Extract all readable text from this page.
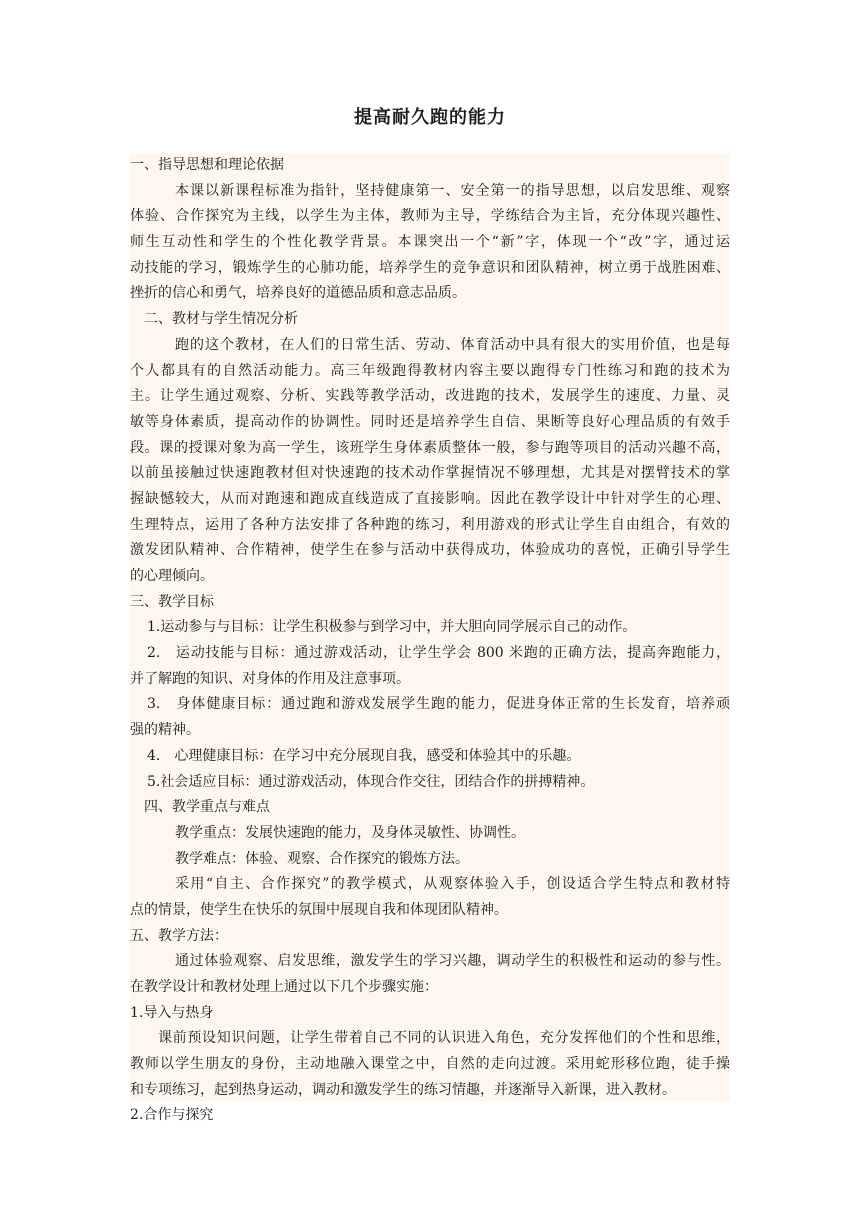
提高耐久跑的能力
一、指导思想和理论依据
本课以新课程标准为指针，坚持健康第一、安全第一的指导思想，以启发思维、观察
体验、合作探究为主线，以学生为主体，教师为主导，学练结合为主旨，充分体现兴趣性、
师生互动性和学生的个性化教学背景。本课突出一个“新”字，体现一个“改”字，通过运
动技能的学习，锻炼学生的心肺功能，培养学生的竞争意识和团队精神，树立勇于战胜困难、
挫折的信心和勇气，培养良好的道德品质和意志品质。
二、教材与学生情况分析
跑的这个教材，在人们的日常生活、劳动、体育活动中具有很大的实用价值，也是每
个人都具有的自然活动能力。高三年级跑得教材内容主要以跑得专门性练习和跑的技术为
主。让学生通过观察、分析、实践等教学活动，改进跑的技术，发展学生的速度、力量、灵
敏等身体素质，提高动作的协调性。同时还是培养学生自信、果断等良好心理品质的有效手
段。课的授课对象为高一学生，该班学生身体素质整体一般，参与跑等项目的活动兴趣不高，
以前虽接触过快速跑教材但对快速跑的技术动作掌握情况不够理想，尤其是对摆臂技术的掌
握缺憾较大，从而对跑速和跑成直线造成了直接影响。因此在教学设计中针对学生的心理、
生理特点，运用了各种方法安排了各种跑的练习，利用游戏的形式让学生自由组合，有效的
激发团队精神、合作精神，使学生在参与活动中获得成功，体验成功的喜悦，正确引导学生
的心理倾向。
三、教学目标
1.运动参与与目标：让学生积极参与到学习中，并大胆向同学展示自己的动作。
2.　运动技能与目标：通过游戏活动，让学生学会 800 米跑的正确方法，提高奔跑能力，
并了解跑的知识、对身体的作用及注意事项。
3.　身体健康目标：通过跑和游戏发展学生跑的能力，促进身体正常的生长发育，培养顽
强的精神。
4.　心理健康目标：在学习中充分展现自我，感受和体验其中的乐趣。
5.社会适应目标：通过游戏活动，体现合作交往，团结合作的拼搏精神。
四、教学重点与难点
教学重点：发展快速跑的能力，及身体灵敏性、协调性。
教学难点：体验、观察、合作探究的锻炼方法。
采用“自主、合作探究”的教学模式，从观察体验入手，创设适合学生特点和教材特
点的情景，使学生在快乐的氛围中展现自我和体现团队精神。
五、教学方法：
通过体验观察、启发思维，激发学生的学习兴趣，调动学生的积极性和运动的参与性。
在教学设计和教材处理上通过以下几个步骤实施：
1.导入与热身
课前预设知识问题，让学生带着自己不同的认识进入角色，充分发挥他们的个性和思维，
教师以学生朋友的身份，主动地融入课堂之中，自然的走向过渡。采用蛇形移位跑，徒手操
和专项练习，起到热身运动，调动和激发学生的练习情趣，并逐渐导入新课，进入教材。
2.合作与探究
